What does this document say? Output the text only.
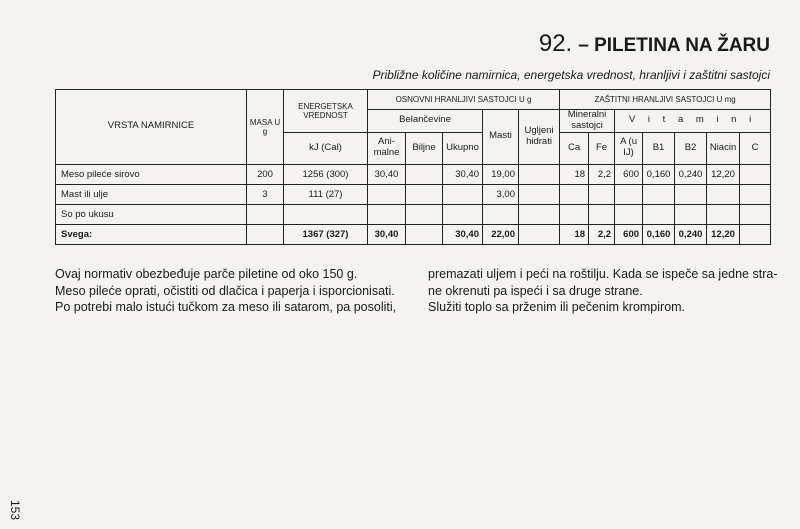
92. – PILETINA NA ŽARU
Približne količine namirnica, energetska vrednost, hranljivi i zaštitni sastojci
VRSTA NAMIRNICE	MASA U g	ENERGETSKA VREDNOST	OSNOVNI HRANLJIVI SASTOJCI U g					ZAŠTITNI HRANLJIVI SASTOJCI U mg						
			Belančevine			Masti	Ugljeni hidrati	Mineralni sastojci		V i t a m i n i				
		kJ (Cal)	Ani-malne	Biljne	Ukupno			Ca	Fe	A (u IJ)	B1	B2	Niacin	C
Meso pileće sirovo	200	1256 (300)	30,40		30,40	19,00		18	2,2	600	0,160	0,240	12,20	
Mast ili ulje	3	111 (27)				3,00								
So po ukusu														
Svega:		1367 (327)	30,40		30,40	22,00		18	2,2	600	0,160	0,240	12,20	

Ovaj normativ obezbeđuje parče piletine od oko 150 g.

Meso pileće oprati, očistiti od dlačica i paperja i isporcionisati.

Po potrebi malo istući tučkom za meso ili satarom, pa posoliti,

premazati uljem i peći na roštilju. Kada se ispeče sa jedne stra-

ne okrenuti pa ispeći i sa druge strane.

Služiti toplo sa prženim ili pečenim krompirom.

153
